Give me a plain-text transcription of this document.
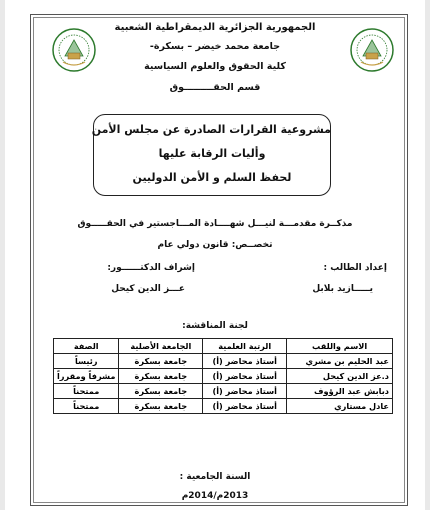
الجمهورية الجزائرية الديمقراطية الشعبية
جامعة محمد خيضر – بسكرة-
كلية الحقوق والعلوم السياسية
قسم الحقـــــــــوق
مشروعية القرارات الصادرة عن مجلس الأمن
وأليات الرقابة عليها
لحفظ السلم و الأمن الدوليين
مذكــرة مقدمـــة لنيـــل شهــــادة المـــاجستير في الحقـــــوق
تخصــص: قانون دولي عام
إعداد الطالب :
يـــــازيد بلابل
إشراف الدكتــــــور:
عـــز الدين كيحل
لجنة المناقشة:
الاسم واللقب	الرتبة العلمية	الجامعة الأصلية	الصفة
عبد الحليم بن مشري	أستاذ محاضر (أ)	جامعة بسكرة	رئيساً
د.عز الدين كيحل	أستاذ محاضر (أ)	جامعة بسكرة	مشرفاً ومقرراً
دبابش عبد الرؤوف	أستاذ محاضر (أ)	جامعة بسكرة	ممتحناً
عادل مستاري	أستاذ محاضر (أ)	جامعة بسكرة	ممتحناً
السنة الجامعية :
2013م/2014م
